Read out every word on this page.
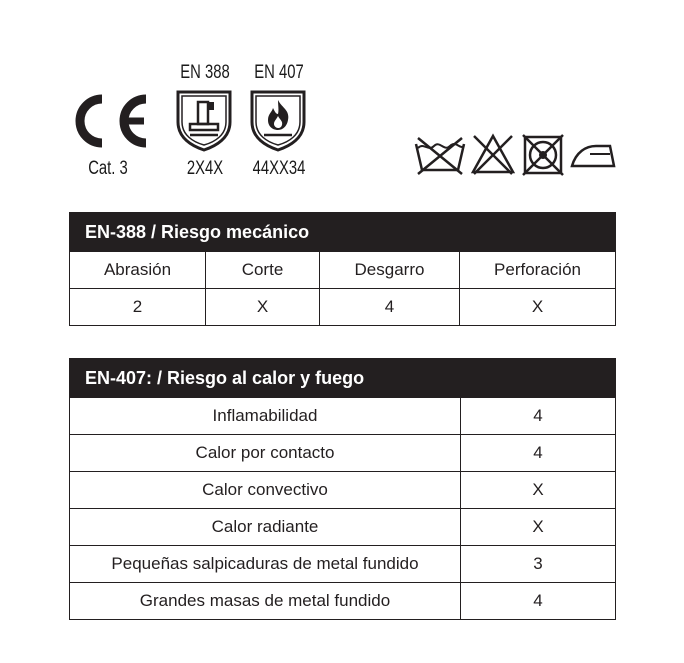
Cat. 3
EN 388
2X4X
EN 407
44XX34
EN-388 / Riesgo mecánico			
Abrasión	Corte	Desgarro	Perforación
2	X	4	X
EN-407: / Riesgo al calor y fuego	
Inflamabilidad	4
Calor por contacto	4
Calor convectivo	X
Calor radiante	X
Pequeñas salpicaduras de metal fundido	3
Grandes masas de metal fundido	4
